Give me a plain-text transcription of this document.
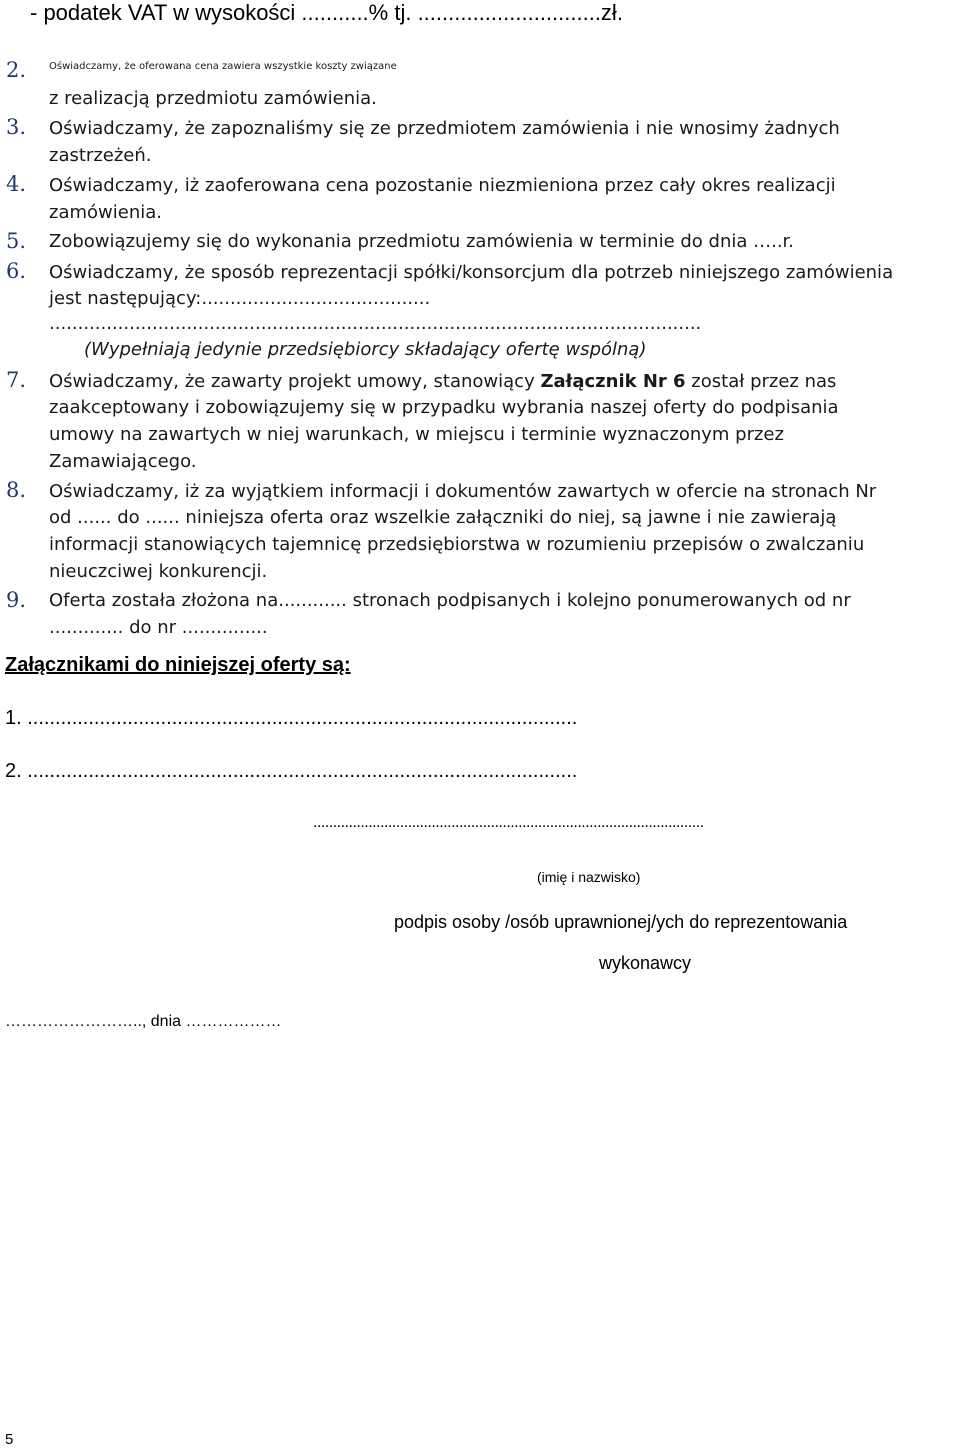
- podatek VAT w wysokości ...........% tj. ..............................zł.
2. Oświadczamy, że oferowana cena zawiera wszystkie koszty związane
z realizacją przedmiotu zamówienia.
3. Oświadczamy, że zapoznaliśmy się ze przedmiotem zamówienia i nie wnosimy żadnych
zastrzeżeń.
4. Oświadczamy, iż zaoferowana cena pozostanie niezmieniona przez cały okres realizacji
zamówienia.
5. Zobowiązujemy się do wykonania przedmiotu zamówienia w terminie do dnia …..r.
6. Oświadczamy, że sposób reprezentacji spółki/konsorcjum dla potrzeb niniejszego zamówienia
jest następujący:........................................
..................................................................................................................
(Wypełniają jedynie przedsiębiorcy składający ofertę wspólną)
7. Oświadczamy, że zawarty projekt umowy, stanowiący Załącznik Nr 6 został przez nas
zaakceptowany i zobowiązujemy się w przypadku wybrania naszej oferty do podpisania
umowy na zawartych w niej warunkach, w miejscu i terminie wyznaczonym przez
Zamawiającego.
8. Oświadczamy, iż za wyjątkiem informacji i dokumentów zawartych w ofercie na stronach Nr
od ...... do ...... niniejsza oferta oraz wszelkie załączniki do niej, są jawne i nie zawierają
informacji stanowiących tajemnicę przedsiębiorstwa w rozumieniu przepisów o zwalczaniu
nieuczciwej konkurencji.
9. Oferta została złożona na............ stronach podpisanych i kolejno ponumerowanych od nr
............. do nr ...............
Załącznikami do niniejszej oferty są:
1. ...................................................................................................
2. ...................................................................................................
...................................................................................................
(imię i nazwisko)
podpis osoby /osób uprawnionej/ych do reprezentowania
wykonawcy
…………………….., dnia ………………
5
